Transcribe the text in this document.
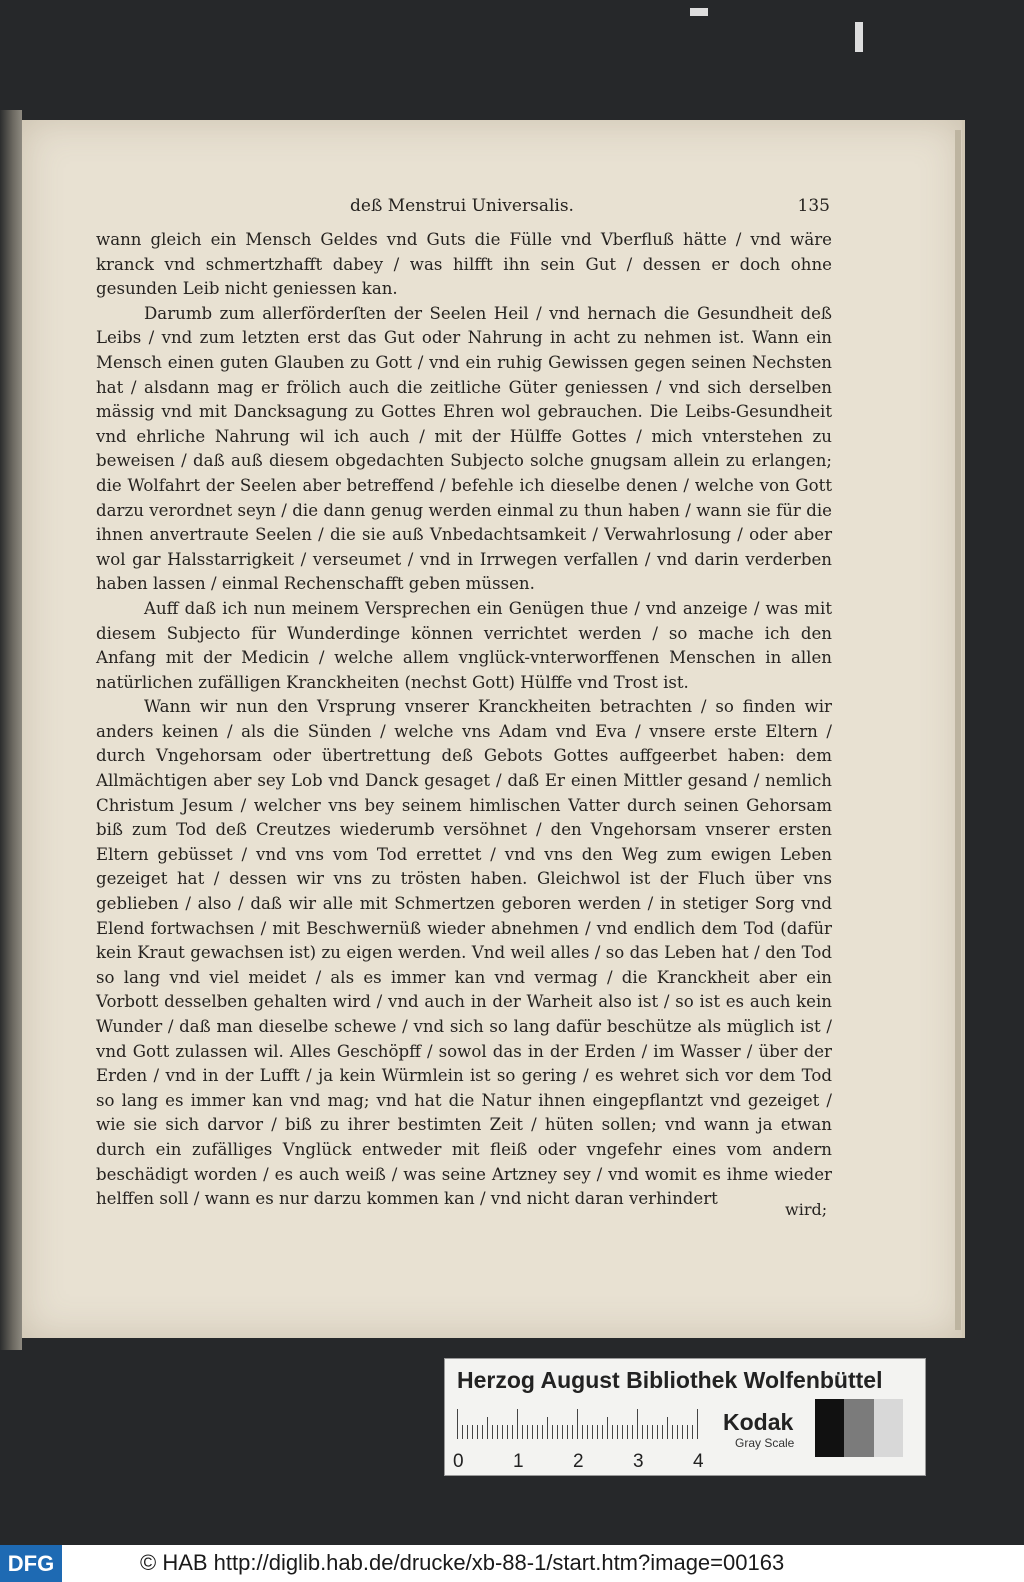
deß Menstrui Universalis.	135

wann gleich ein Mensch Geldes vnd Guts die Fülle vnd Vberfluß hätte / vnd wäre kranck vnd schmertzhafft dabey / was hilfft ihn sein Gut / dessen er doch ohne gesunden Leib nicht geniessen kan.

Darumb zum allerförderſten der Seelen Heil / vnd hernach die Gesundheit deß Leibs / vnd zum letzten erst das Gut oder Nahrung in acht zu nehmen ist. Wann ein Mensch einen guten Glauben zu Gott / vnd ein ruhig Gewissen gegen seinen Nechsten hat / alsdann mag er frölich auch die zeitliche Güter geniessen / vnd sich derselben mässig vnd mit Dancksagung zu Gottes Ehren wol gebrauchen. Die Leibs-Gesundheit vnd ehrliche Nahrung wil ich auch / mit der Hülffe Gottes / mich vnterstehen zu beweisen / daß auß diesem obgedachten Subjecto solche gnugsam allein zu erlangen; die Wolfahrt der Seelen aber betreffend / befehle ich dieselbe denen / welche von Gott darzu verordnet seyn / die dann genug werden einmal zu thun haben / wann sie für die ihnen anvertraute Seelen / die sie auß Vnbedachtsamkeit / Verwahrlosung / oder aber wol gar Halsstarrigkeit / verseumet / vnd in Irrwegen verfallen / vnd darin verderben haben lassen / einmal Rechenschafft geben müssen.

Auff daß ich nun meinem Versprechen ein Genügen thue / vnd anzeige / was mit diesem Subjecto für Wunderdinge können verrichtet werden / so mache ich den Anfang mit der Medicin / welche allem vnglück-vnterworffenen Menschen in allen natürlichen zufälligen Kranckheiten (nechst Gott) Hülffe vnd Trost ist.

Wann wir nun den Vrsprung vnserer Kranckheiten betrachten / so finden wir anders keinen / als die Sünden / welche vns Adam vnd Eva / vnsere erste Eltern / durch Vngehorsam oder übertrettung deß Gebots Gottes auffgeerbet haben: dem Allmächtigen aber sey Lob vnd Danck gesaget / daß Er einen Mittler gesand / nemlich Christum Jesum / welcher vns bey seinem himlischen Vatter durch seinen Gehorsam biß zum Tod deß Creutzes wiederumb versöhnet / den Vngehorsam vnserer ersten Eltern gebüsset / vnd vns vom Tod errettet / vnd vns den Weg zum ewigen Leben gezeiget hat / dessen wir vns zu trösten haben. Gleichwol ist der Fluch über vns geblieben / also / daß wir alle mit Schmertzen geboren werden / in stetiger Sorg vnd Elend fortwachsen / mit Beschwernüß wieder abnehmen / vnd endlich dem Tod (dafür kein Kraut gewachsen ist) zu eigen werden. Vnd weil alles / so das Leben hat / den Tod so lang vnd viel meidet / als es immer kan vnd vermag / die Kranckheit aber ein Vorbott desselben gehalten wird / vnd auch in der Warheit also ist / so ist es auch kein Wunder / daß man dieselbe schewe / vnd sich so lang dafür beschütze als müglich ist / vnd Gott zulassen wil. Alles Geschöpff / sowol das in der Erden / im Wasser / über der Erden / vnd in der Lufft / ja kein Würmlein ist so gering / es wehret sich vor dem Tod so lang es immer kan vnd mag; vnd hat die Natur ihnen eingepflantzt vnd gezeiget / wie sie sich darvor / biß zu ihrer bestimten Zeit / hüten sollen; vnd wann ja etwan durch ein zufälliges Vnglück entweder mit fleiß oder vngefehr eines vom andern beschädigt worden / es auch weiß / was seine Artzney sey / vnd womit es ihme wieder helffen soll / wann es nur darzu kommen kan / vnd nicht daran verhindert

wird;
Herzog August Bibliothek Wolfenbüttel
0	1	2	3	4
Kodak
Gray Scale
DFG	© HAB http://diglib.hab.de/drucke/xb-88-1/start.htm?image=00163
